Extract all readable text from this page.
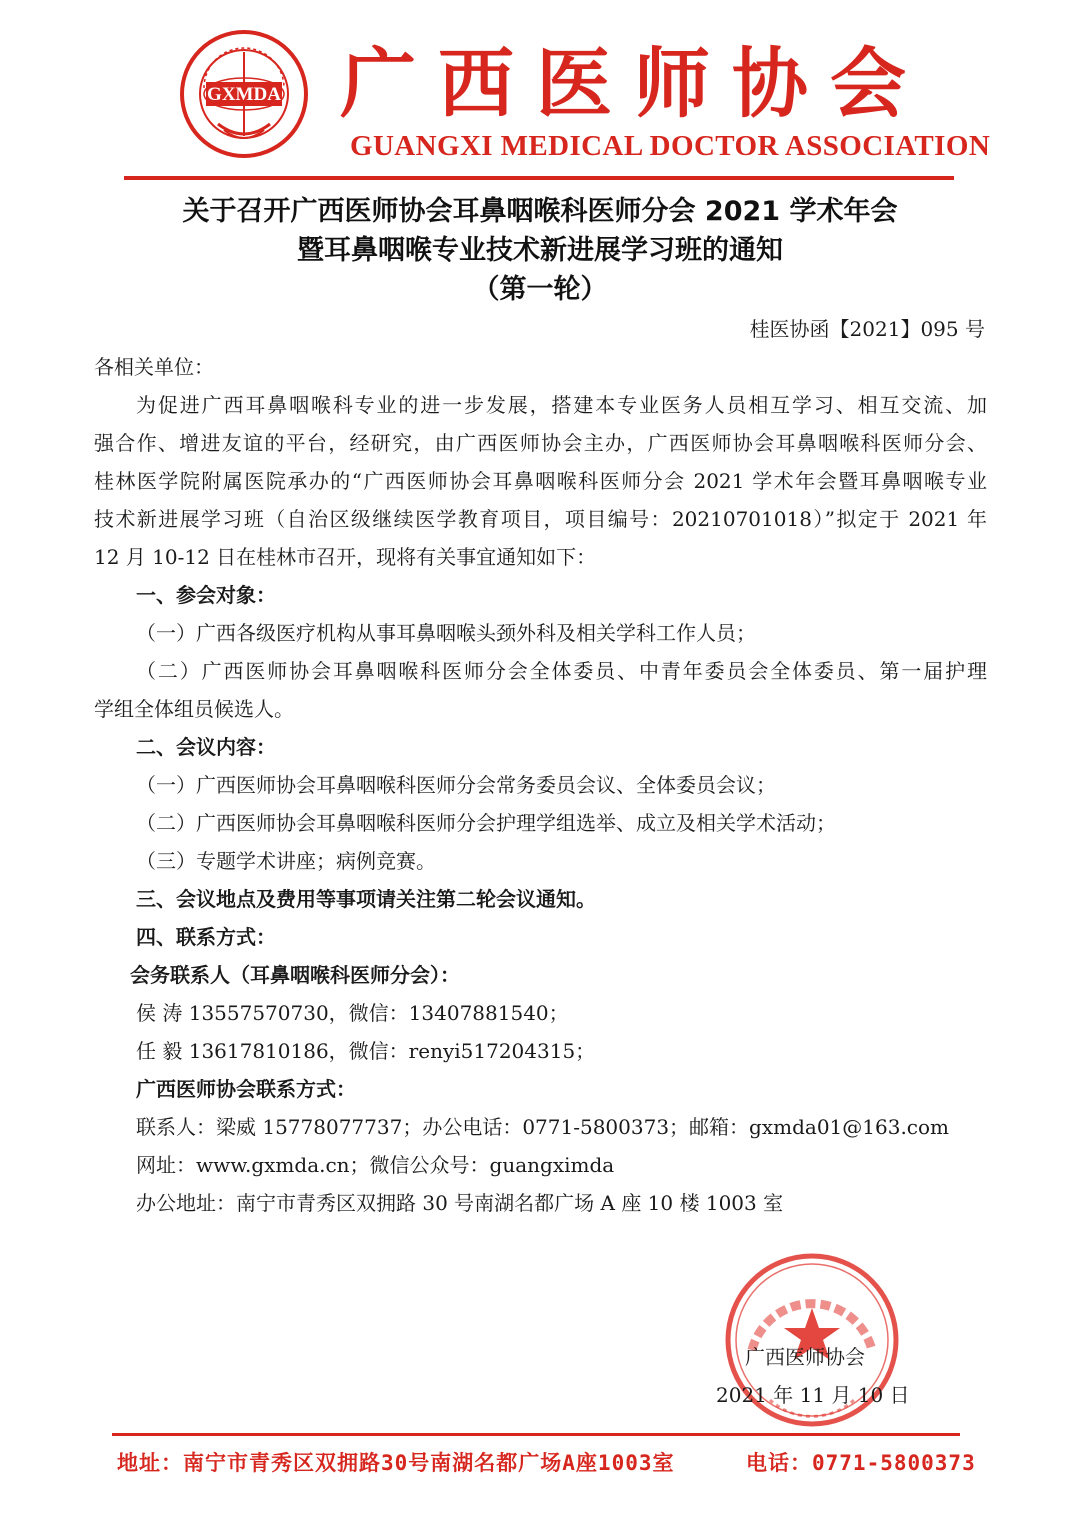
GXMDA 广西医师协会
GUANGXI MEDICAL DOCTOR ASSOCIATION
关于召开广西医师协会耳鼻咽喉科医师分会 2021 学术年会
暨耳鼻咽喉专业技术新进展学习班的通知
（第一轮）
桂医协函【2021】095 号
各相关单位：
为促进广西耳鼻咽喉科专业的进一步发展，搭建本专业医务人员相互学习、相互交流、加
强合作、增进友谊的平台，经研究，由广西医师协会主办，广西医师协会耳鼻咽喉科医师分会、
桂林医学院附属医院承办的“广西医师协会耳鼻咽喉科医师分会 2021 学术年会暨耳鼻咽喉专业
技术新进展学习班（自治区级继续医学教育项目，项目编号：20210701018）”拟定于 2021 年
12 月 10-12 日在桂林市召开，现将有关事宜通知如下：
一、参会对象：
（一）广西各级医疗机构从事耳鼻咽喉头颈外科及相关学科工作人员；
（二）广西医师协会耳鼻咽喉科医师分会全体委员、中青年委员会全体委员、第一届护理
学组全体组员候选人。
二、会议内容：
（一）广西医师协会耳鼻咽喉科医师分会常务委员会议、全体委员会议；
（二）广西医师协会耳鼻咽喉科医师分会护理学组选举、成立及相关学术活动；
（三）专题学术讲座；病例竞赛。
三、会议地点及费用等事项请关注第二轮会议通知。
四、联系方式：
会务联系人（耳鼻咽喉科医师分会）：
侯 涛 13557570730，微信：13407881540；
任 毅 13617810186，微信：renyi517204315；
广西医师协会联系方式：
联系人：梁威 15778077737；办公电话：0771-5800373；邮箱：gxmda01@163.com
网址：www.gxmda.cn；微信公众号：guangximda
办公地址：南宁市青秀区双拥路 30 号南湖名都广场 A 座 10 楼 1003 室
广西医师协会
2021 年 11 月 10 日
地址：南宁市青秀区双拥路30号南湖名都广场A座1003室	电话：0771-5800373
